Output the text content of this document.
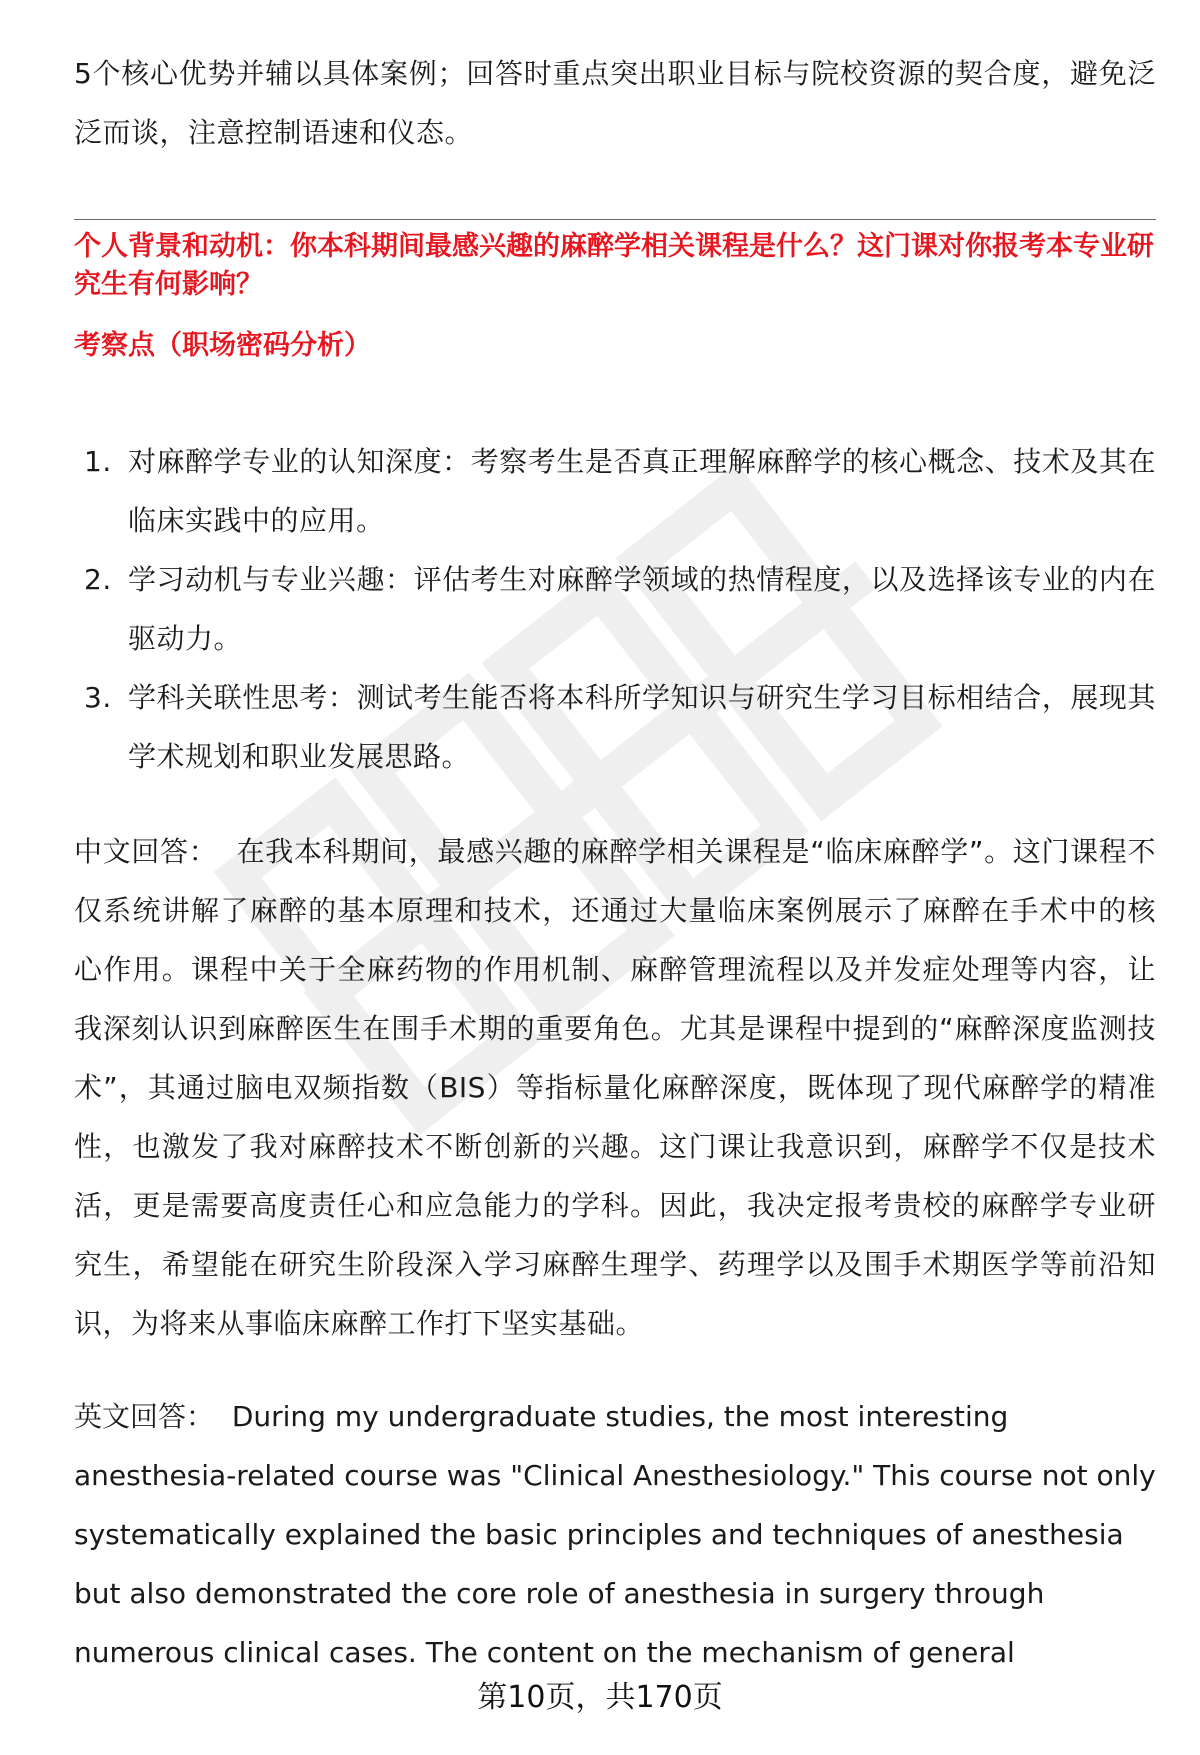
5个核心优势并辅以具体案例；回答时重点突出职业目标与院校资源的契合度，避免泛泛而谈，注意控制语速和仪态。

个人背景和动机：你本科期间最感兴趣的麻醉学相关课程是什么？这门课对你报考本专业研究生有何影响？

考察点（职场密码分析）

1. 对麻醉学专业的认知深度：考察考生是否真正理解麻醉学的核心概念、技术及其在临床实践中的应用。
2. 学习动机与专业兴趣：评估考生对麻醉学领域的热情程度，以及选择该专业的内在驱动力。
3. 学科关联性思考：测试考生能否将本科所学知识与研究生学习目标相结合，展现其学术规划和职业发展思路。

中文回答： 在我本科期间，最感兴趣的麻醉学相关课程是“临床麻醉学”。这门课程不仅系统讲解了麻醉的基本原理和技术，还通过大量临床案例展示了麻醉在手术中的核心作用。课程中关于全麻药物的作用机制、麻醉管理流程以及并发症处理等内容，让我深刻认识到麻醉医生在围手术期的重要角色。尤其是课程中提到的“麻醉深度监测技术”，其通过脑电双频指数（BIS）等指标量化麻醉深度，既体现了现代麻醉学的精准性，也激发了我对麻醉技术不断创新的兴趣。这门课让我意识到，麻醉学不仅是技术活，更是需要高度责任心和应急能力的学科。因此，我决定报考贵校的麻醉学专业研究生，希望能在研究生阶段深入学习麻醉生理学、药理学以及围手术期医学等前沿知识，为将来从事临床麻醉工作打下坚实基础。

英文回答： During my undergraduate studies, the most interesting anesthesia-related course was "Clinical Anesthesiology." This course not only systematically explained the basic principles and techniques of anesthesia but also demonstrated the core role of anesthesia in surgery through numerous clinical cases. The content on the mechanism of general

第10页，共170页
